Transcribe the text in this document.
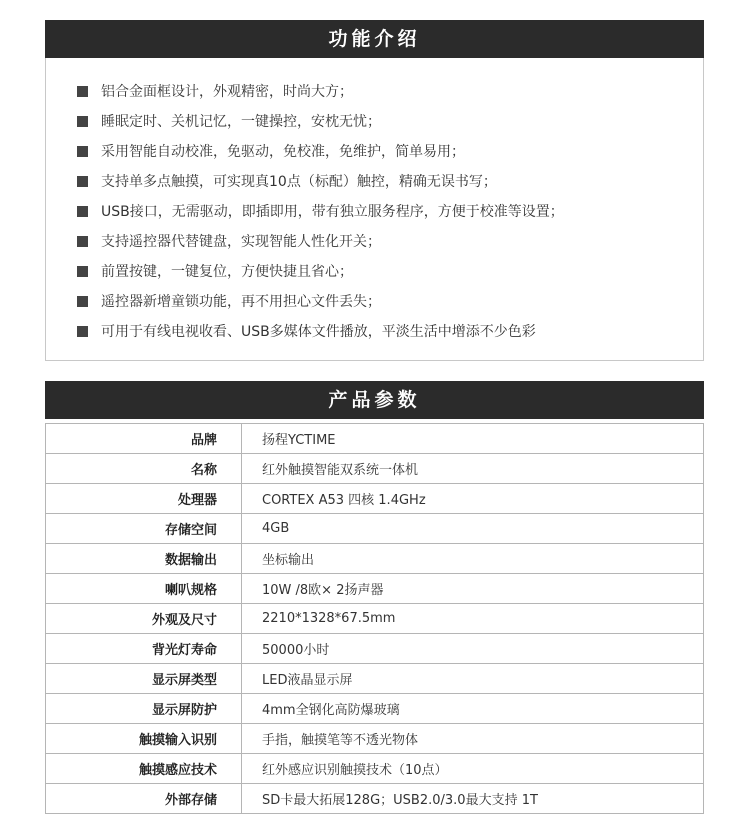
功能介绍
铝合金面框设计，外观精密，时尚大方；
睡眠定时、关机记忆，一键操控，安枕无忧；
采用智能自动校准，免驱动，免校准，免维护，简单易用；
支持单多点触摸，可实现真10点（标配）触控，精确无误书写；
USB接口，无需驱动，即插即用，带有独立服务程序，方便于校准等设置；
支持遥控器代替键盘，实现智能人性化开关；
前置按键，一键复位，方便快捷且省心；
遥控器新增童锁功能，再不用担心文件丢失；
可用于有线电视收看、USB多媒体文件播放，平淡生活中增添不少色彩
产品参数
品牌	扬程YCTIME
名称	红外触摸智能双系统一体机
处理器	CORTEX A53 四核 1.4GHz
存储空间	4GB
数据输出	坐标输出
喇叭规格	10W /8欧× 2扬声器
外观及尺寸	2210*1328*67.5mm
背光灯寿命	50000小时
显示屏类型	LED液晶显示屏
显示屏防护	4mm全钢化高防爆玻璃
触摸输入识别	手指，触摸笔等不透光物体
触摸感应技术	红外感应识别触摸技术（10点）
外部存储	SD卡最大拓展128G；USB2.0/3.0最大支持 1T
